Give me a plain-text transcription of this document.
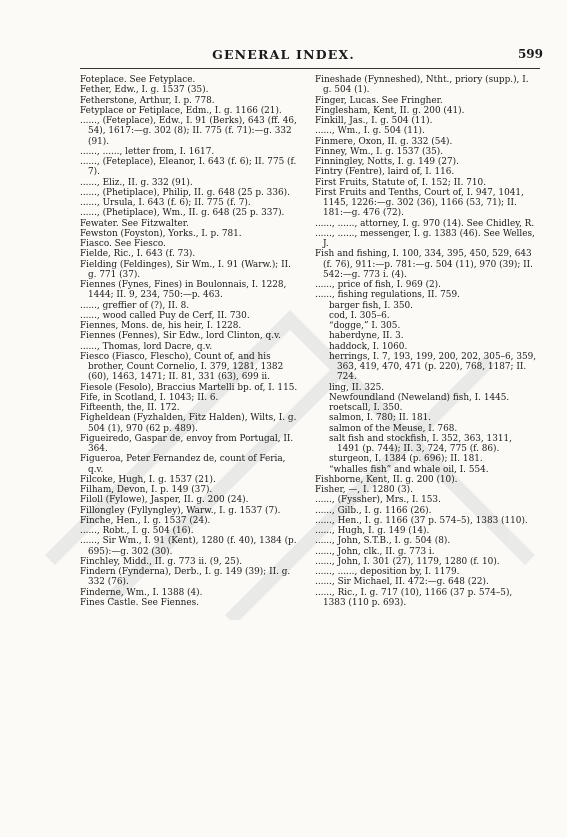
GENERAL INDEX.	599
Foteplace. See Fetyplace.
Fether, Edw., I. g. 1537 (35).
Fetherstone, Arthur, I. p. 778.
Fetyplace or Fetiplace, Edm., I. g. 1166 (21).
......, (Feteplace), Edw., I. 91 (Berks), 643 (ff. 46, 54), 1617:—g. 302 (8); II. 775 (f. 71):—g. 332 (91).
......, ......, letter from, I. 1617.
......, (Feteplace), Eleanor, I. 643 (f. 6); II. 775 (f. 7).
......, Eliz., II. g. 332 (91).
......, (Phetiplace), Philip, II. g. 648 (25 p. 336).
......, Ursula, I. 643 (f. 6); II. 775 (f. 7).
......, (Phetiplace), Wm., II. g. 648 (25 p. 337).
Fewater. See Fitzwalter.
Fewston (Foyston), Yorks., I. p. 781.
Fiasco. See Fiesco.
Fielde, Ric., I. 643 (f. 73).
Fielding (Feldinges), Sir Wm., I. 91 (Warw.); II. g. 771 (37).
Fiennes (Fynes, Fines) in Boulonnais, I. 1228, 1444; II. 9, 234, 750:—p. 463.
......, greffier of (?), II. 8.
......, wood called Puy de Cerf, II. 730.
Fiennes, Mons. de, his heir, I. 1228.
Fiennes (Fennes), Sir Edw., lord Clinton, q.v.
......, Thomas, lord Dacre, q.v.
Fiesco (Fiasco, Flescho), Count of, and his brother, Count Cornelio, I. 379, 1281, 1382 (60), 1463, 1471; II. 81, 331 (63), 699 ii.
Fiesole (Fesolo), Braccius Martelli bp. of, I. 115.
Fife, in Scotland, I. 1043; II. 6.
Fifteenth, the, II. 172.
Figheldean (Fyzhalden, Fitz Halden), Wilts, I. g. 504 (1), 970 (62 p. 489).
Figueiredo, Gaspar de, envoy from Portugal, II. 364.
Figueroa, Peter Fernandez de, count of Feria, q.v.
Filcoke, Hugh, I. g. 1537 (21).
Filham, Devon, I. p. 149 (37).
Filoll (Fylowe), Jasper, II. g. 200 (24).
Fillongley (Fyllyngley), Warw., I. g. 1537 (7).
Finche, Hen., I. g. 1537 (24).
......, Robt., I. g. 504 (16).
......, Sir Wm., I. 91 (Kent), 1280 (f. 40), 1384 (p. 695):—g. 302 (30).
Finchley, Midd., II. g. 773 ii. (9, 25).
Findern (Fynderna), Derb., I. g. 149 (39); II. g. 332 (76).
Finderne, Wm., I. 1388 (4).
Fines Castle. See Fiennes.
Fineshade (Fynneshed), Ntht., priory (supp.), I. g. 504 (1).
Finger, Lucas. See Fringher.
Finglesham, Kent, II. g. 200 (41).
Finkill, Jas., I. g. 504 (11).
......, Wm., I. g. 504 (11).
Finmere, Oxon, II. g. 332 (54).
Finney, Wm., I. g. 1537 (35).
Finningley, Notts, I. g. 149 (27).
Fintry (Fentre), laird of, I. 116.
First Fruits, Statute of, I. 152; II. 710.
First Fruits and Tenths, Court of, I. 947, 1041, 1145, 1226:—g. 302 (36), 1166 (53, 71); II. 181:—g. 476 (72).
......, ......, attorney, I. g. 970 (14). See Chidley, R.
......, ......, messenger, I. g. 1383 (46). See Welles, J.
Fish and fishing, I. 100, 334, 395, 450, 529, 643 (f. 76), 911:—p. 781:—g. 504 (11), 970 (39); II. 542:—g. 773 i. (4).
......, price of fish, I. 969 (2).
......, fishing regulations, II. 759.
barger fish, I. 350.
cod, I. 305–6.
“dogge,” I. 305.
haberdyne, II. 3.
haddock, I. 1060.
herrings, I. 7, 193, 199, 200, 202, 305–6, 359, 363, 419, 470, 471 (p. 220), 768, 1187; II. 724.
ling, II. 325.
Newfoundland (Neweland) fish, I. 1445.
roetscall, I. 350.
salmon, I. 780; II. 181.
salmon of the Meuse, I. 768.
salt fish and stockfish, I. 352, 363, 1311, 1491 (p. 744); II. 3, 724, 775 (f. 86).
sturgeon, I. 1384 (p. 696); II. 181.
“whalles fish” and whale oil, I. 554.
Fishborne, Kent, II. g. 200 (10).
Fisher, —, I. 1280 (3).
......, (Fyssher), Mrs., I. 153.
......, Gilb., I. g. 1166 (26).
......, Hen., I. g. 1166 (37 p. 574–5), 1383 (110).
......, Hugh, I. g. 149 (14).
......, John, S.T.B., I. g. 504 (8).
......, John, clk., II. g. 773 i.
......, John, I. 301 (27), 1179, 1280 (f. 10).
......, ......, deposition by, I. 1179.
......, Sir Michael, II. 472:—g. 648 (22).
......, Ric., I. g. 717 (10), 1166 (37 p. 574–5), 1383 (110 p. 693).
